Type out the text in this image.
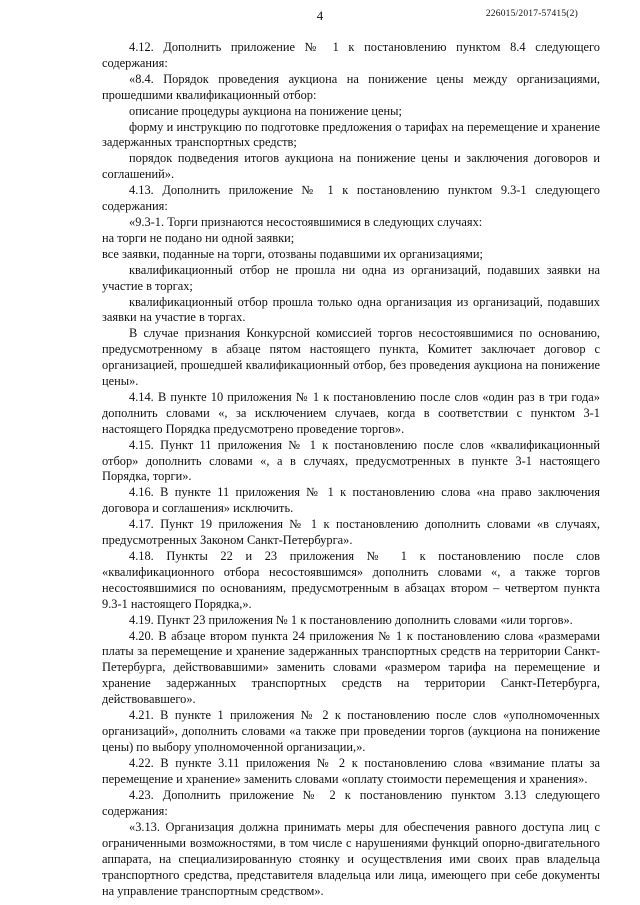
4	226015/2017-57415(2)

4.12. Дополнить приложение № 1 к постановлению пунктом 8.4 следующего содержания:

«8.4. Порядок проведения аукциона на понижение цены между организациями, прошедшими квалификационный отбор:

описание процедуры аукциона на понижение цены;

форму и инструкцию по подготовке предложения о тарифах на перемещение и хранение задержанных транспортных средств;

порядок подведения итогов аукциона на понижение цены и заключения договоров и соглашений».

4.13. Дополнить приложение № 1 к постановлению пунктом 9.3-1 следующего содержания:

«9.3-1. Торги признаются несостоявшимися в следующих случаях:

на торги не подано ни одной заявки;

все заявки, поданные на торги, отозваны подавшими их организациями;

квалификационный отбор не прошла ни одна из организаций, подавших заявки на участие в торгах;

квалификационный отбор прошла только одна организация из организаций, подавших заявки на участие в торгах.

В случае признания Конкурсной комиссией торгов несостоявшимися по основанию, предусмотренному в абзаце пятом настоящего пункта, Комитет заключает договор с организацией, прошедшей квалификационный отбор, без проведения аукциона на понижение цены».

4.14. В пункте 10 приложения № 1 к постановлению после слов «один раз в три года» дополнить словами «, за исключением случаев, когда в соответствии с пунктом 3-1 настоящего Порядка предусмотрено проведение торгов».

4.15. Пункт 11 приложения № 1 к постановлению после слов «квалификационный отбор» дополнить словами «, а в случаях, предусмотренных в пункте 3-1 настоящего Порядка, торги».

4.16. В пункте 11 приложения № 1 к постановлению слова «на право заключения договора и соглашения» исключить.

4.17. Пункт 19 приложения № 1 к постановлению дополнить словами «в случаях, предусмотренных Законом Санкт-Петербурга».

4.18. Пункты 22 и 23 приложения № 1 к постановлению после слов «квалификационного отбора несостоявшимся» дополнить словами «, а также торгов несостоявшимися по основаниям, предусмотренным в абзацах втором – четвертом пункта 9.3-1 настоящего Порядка,».

4.19. Пункт 23 приложения № 1 к постановлению дополнить словами «или торгов».

4.20. В абзаце втором пункта 24 приложения № 1 к постановлению слова «размерами платы за перемещение и хранение задержанных транспортных средств на территории Санкт-Петербурга, действовавшими» заменить словами «размером тарифа на перемещение и хранение задержанных транспортных средств на территории Санкт-Петербурга, действовавшего».

4.21. В пункте 1 приложения № 2 к постановлению после слов «уполномоченных организаций», дополнить словами «а также при проведении торгов (аукциона на понижение цены) по выбору уполномоченной организации,».

4.22. В пункте 3.11 приложения № 2 к постановлению слова «взимание платы за перемещение и хранение» заменить словами «оплату стоимости перемещения и хранения».

4.23. Дополнить приложение № 2 к постановлению пунктом 3.13 следующего содержания:

«3.13. Организация должна принимать меры для обеспечения равного доступа лиц с ограниченными возможностями, в том числе с нарушениями функций опорно-двигательного аппарата, на специализированную стоянку и осуществления ими своих прав владельца транспортного средства, представителя владельца или лица, имеющего при себе документы на управление транспортным средством».
